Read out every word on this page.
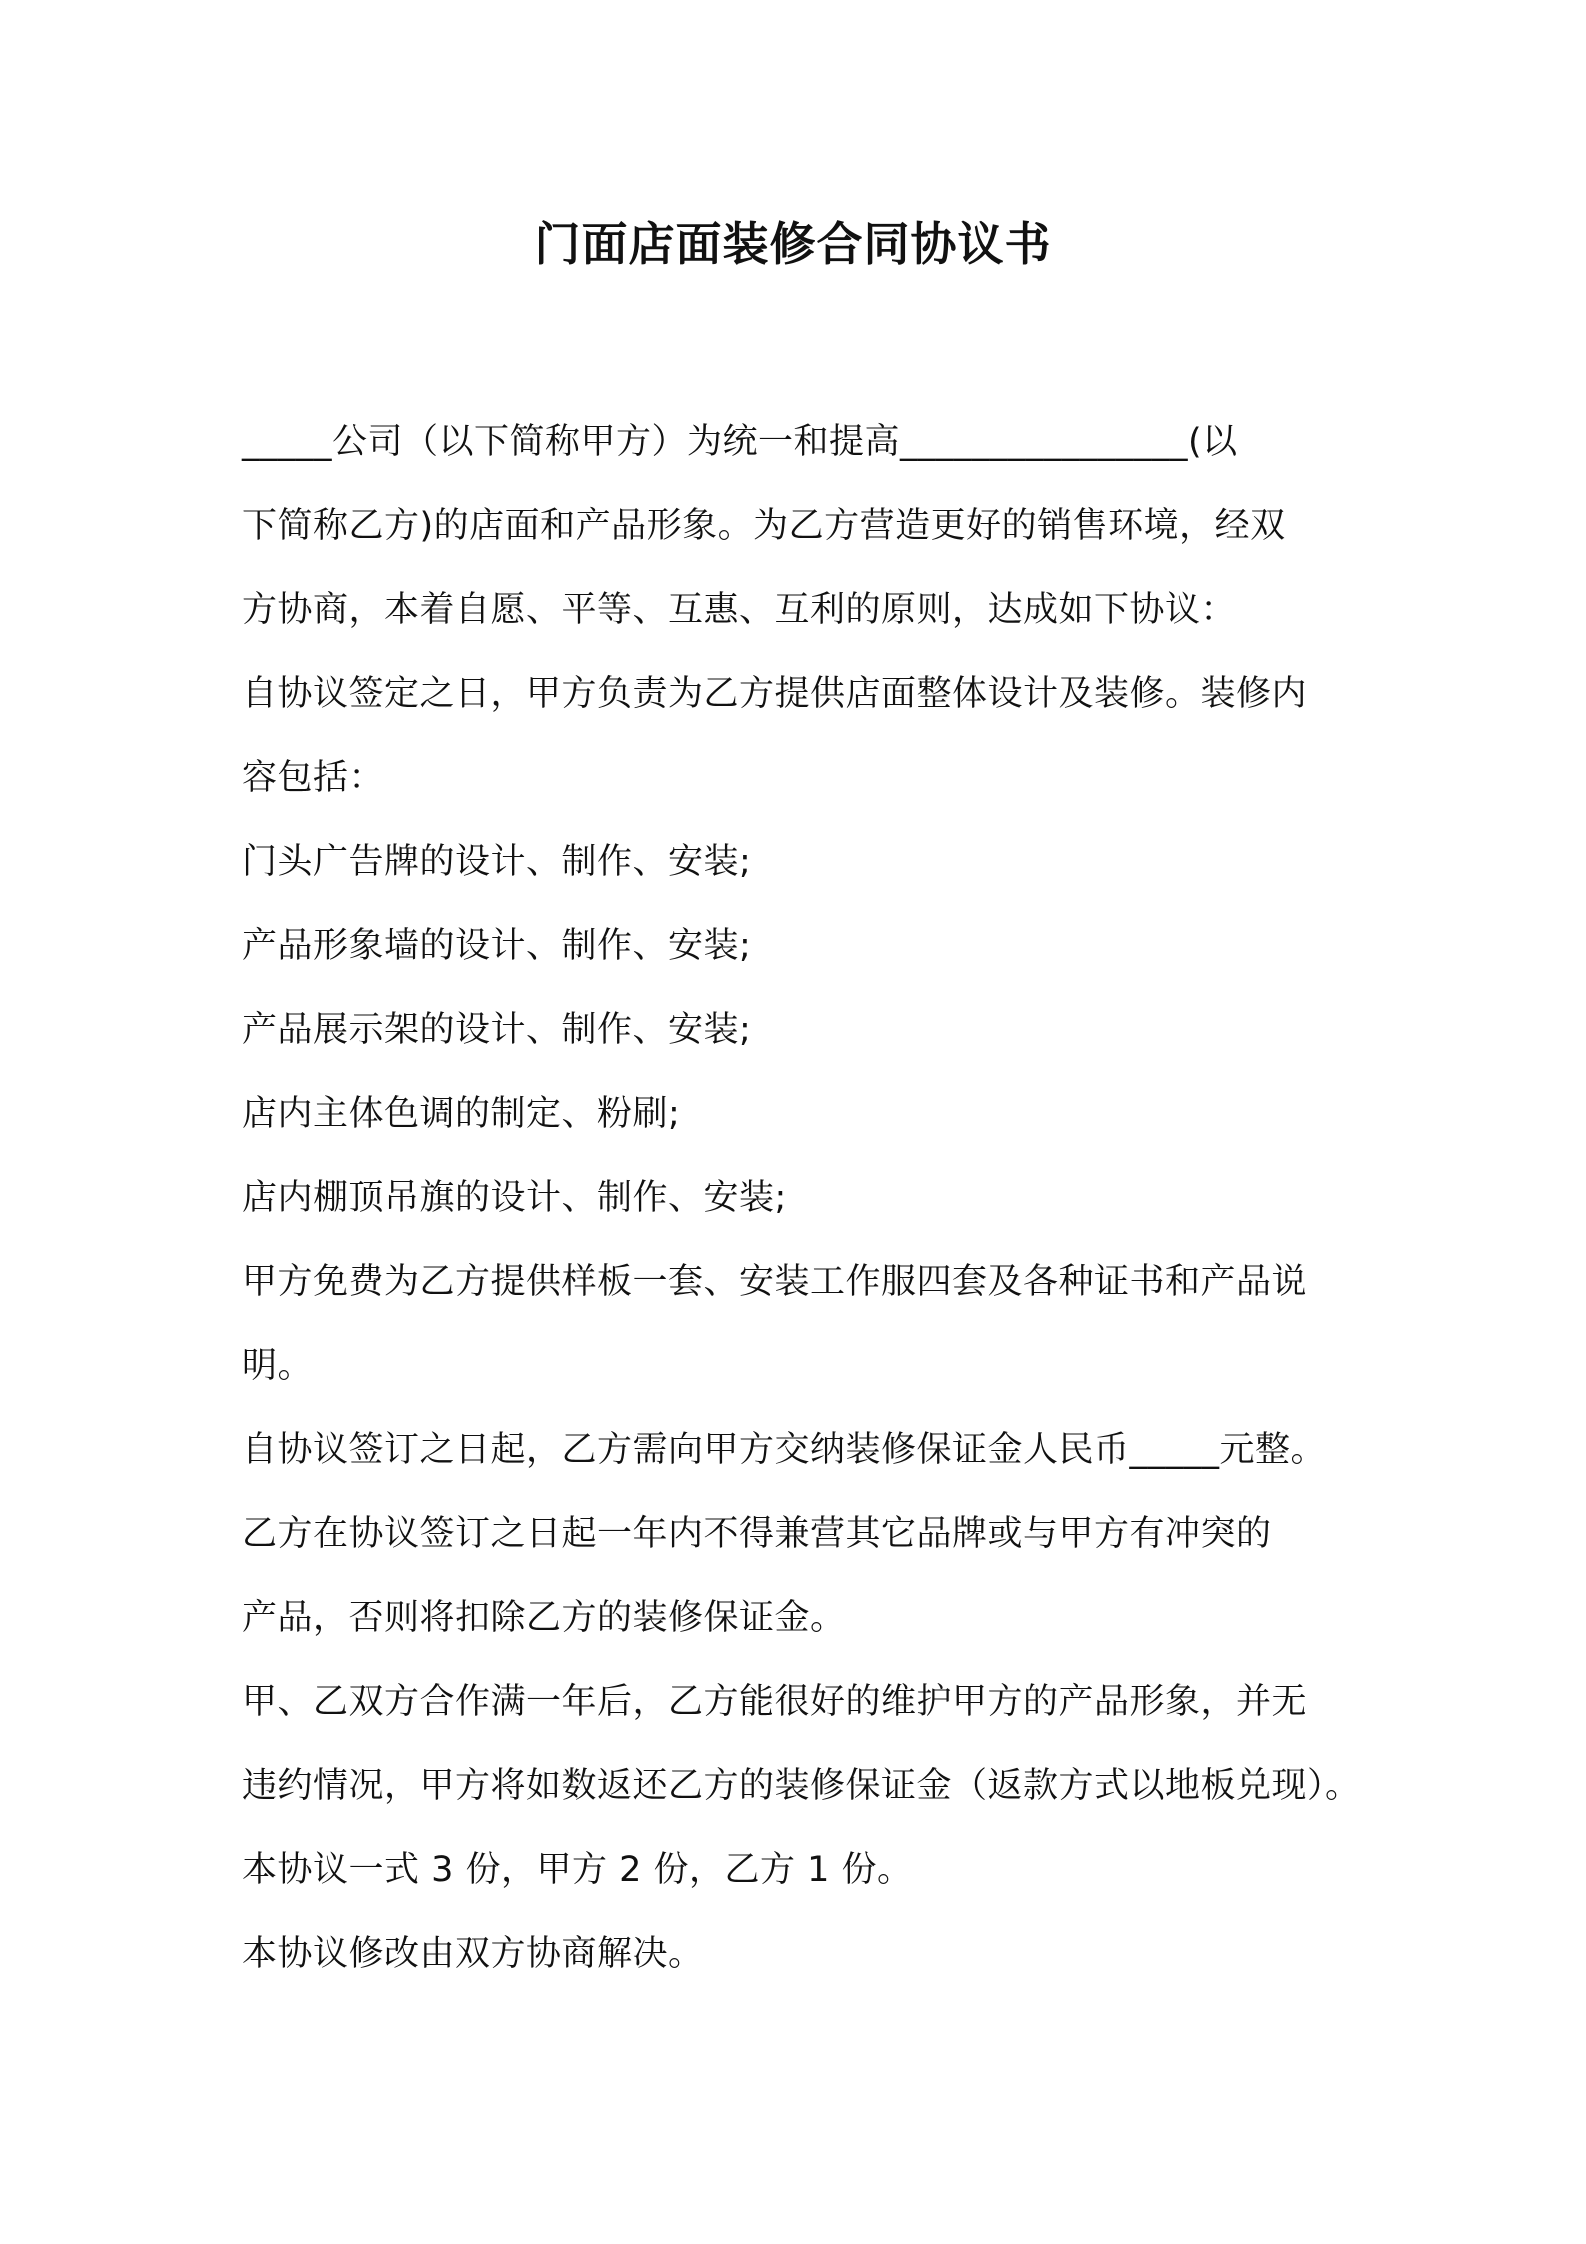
门面店面装修合同协议书
_____公司（以下简称甲方）为统一和提高________________(以
下简称乙方)的店面和产品形象。为乙方营造更好的销售环境，经双
方协商，本着自愿、平等、互惠、互利的原则，达成如下协议：
自协议签定之日，甲方负责为乙方提供店面整体设计及装修。装修内
容包括：
门头广告牌的设计、制作、安装;
产品形象墙的设计、制作、安装;
产品展示架的设计、制作、安装;
店内主体色调的制定、粉刷;
店内棚顶吊旗的设计、制作、安装;
甲方免费为乙方提供样板一套、安装工作服四套及各种证书和产品说
明。
自协议签订之日起，乙方需向甲方交纳装修保证金人民币_____元整。
乙方在协议签订之日起一年内不得兼营其它品牌或与甲方有冲突的
产品，否则将扣除乙方的装修保证金。
甲、乙双方合作满一年后，乙方能很好的维护甲方的产品形象，并无
违约情况，甲方将如数返还乙方的装修保证金（返款方式以地板兑现）。
本协议一式 3 份，甲方 2 份，乙方 1 份。
本协议修改由双方协商解决。
